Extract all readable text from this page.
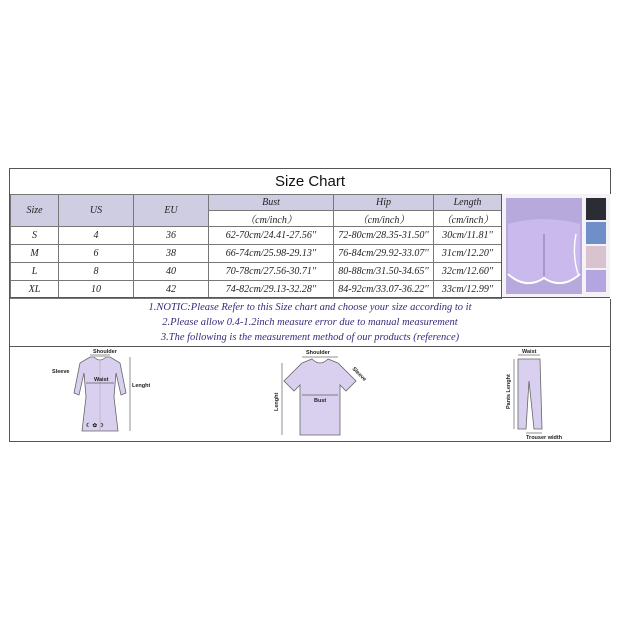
Size Chart
Size	US	EU	Bust	Hip	Length
			（cm/inch）	（cm/inch）	（cm/inch）
S	4	36	62-70cm/24.41-27.56''	72-80cm/28.35-31.50''	30cm/11.81''
M	6	38	66-74cm/25.98-29.13''	76-84cm/29.92-33.07''	31cm/12.20''
L	8	40	70-78cm/27.56-30.71''	80-88cm/31.50-34.65''	32cm/12.60''
XL	10	42	74-82cm/29.13-32.28''	84-92cm/33.07-36.22''	33cm/12.99''
1.NOTIC:Please Refer to this Size chart and choose your size according to it
2.Please allow 0.4-1.2inch measure error due to manual measurement
3.The following is the measurement method of our products (reference)
☾ ✿ ☽
Shoulder
Sleeve
Waist
Lenght
Shoulder
Sleeve
Bust
Lenght
Waist
Pants Lenght
Trouser width
